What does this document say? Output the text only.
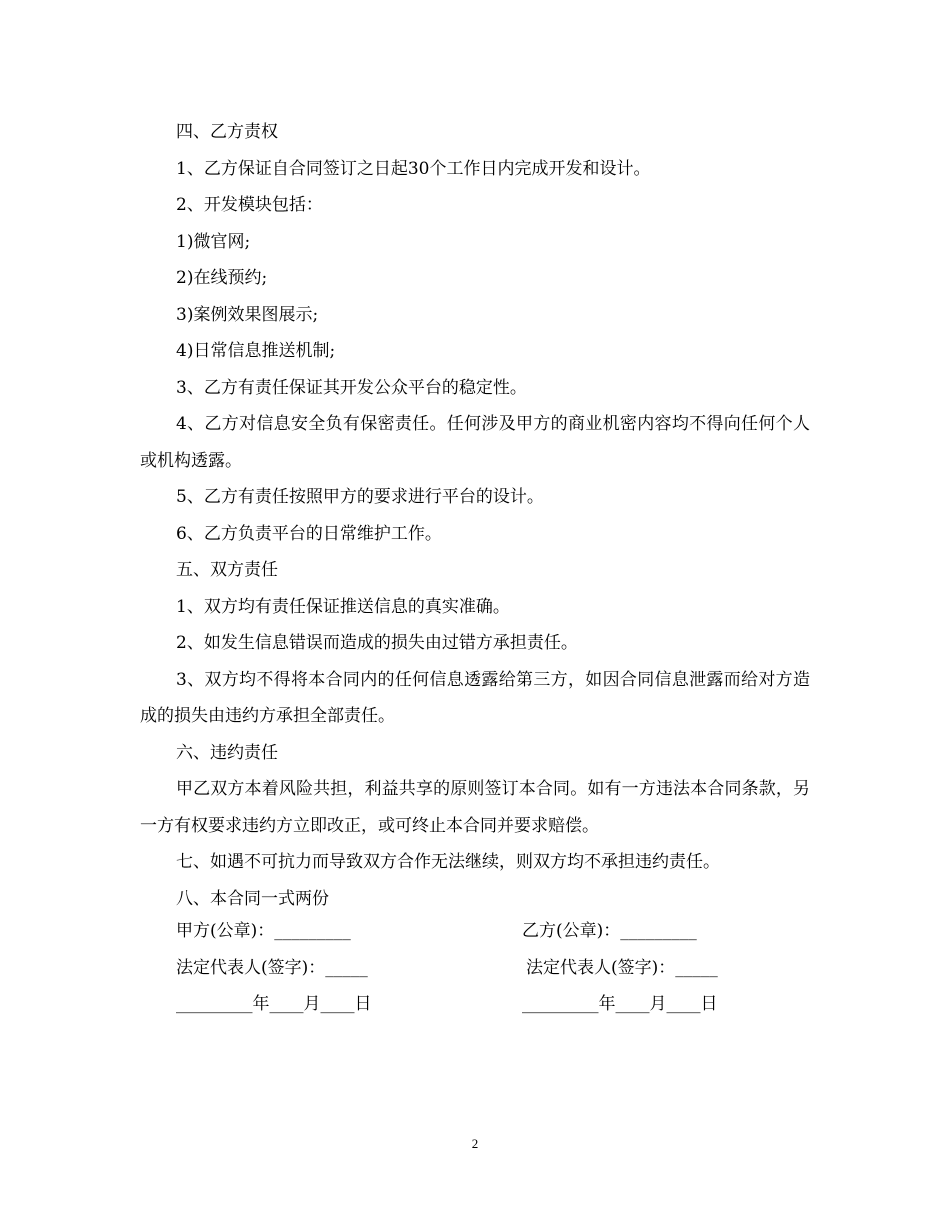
四、乙方责权

1、乙方保证自合同签订之日起30个工作日内完成开发和设计。

2、开发模块包括：

1)微官网;

2)在线预约;

3)案例效果图展示;

4)日常信息推送机制;

3、乙方有责任保证其开发公众平台的稳定性。

4、乙方对信息安全负有保密责任。任何涉及甲方的商业机密内容均不得向任何个人或机构透露。

5、乙方有责任按照甲方的要求进行平台的设计。

6、乙方负责平台的日常维护工作。

五、双方责任

1、双方均有责任保证推送信息的真实准确。

2、如发生信息错误而造成的损失由过错方承担责任。

3、双方均不得将本合同内的任何信息透露给第三方，如因合同信息泄露而给对方造成的损失由违约方承担全部责任。

六、违约责任

甲乙双方本着风险共担，利益共享的原则签订本合同。如有一方违法本合同条款，另一方有权要求违约方立即改正，或可终止本合同并要求赔偿。

七、如遇不可抗力而导致双方合作无法继续，则双方均不承担违约责任。

八、本合同一式两份

甲方(公章)：_________	乙方(公章)：_________
法定代表人(签字)：_____	法定代表人(签字)：_____
_________年____月____日	_________年____月____日
2
